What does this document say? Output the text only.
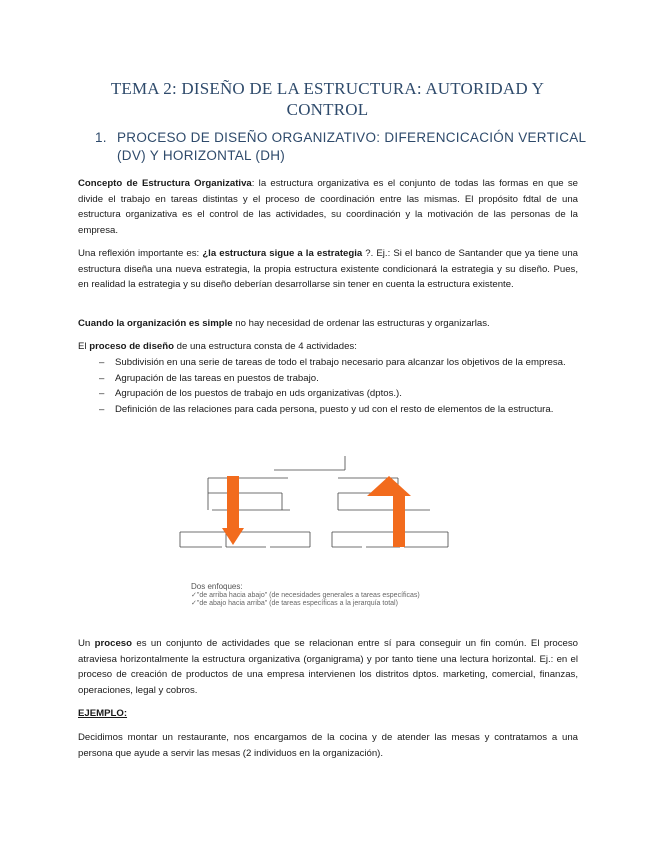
TEMA 2: DISEÑO DE LA ESTRUCTURA: AUTORIDAD Y CONTROL
1. PROCESO DE DISEÑO ORGANIZATIVO: DIFERENCICACIÓN VERTICAL (DV) Y HORIZONTAL (DH)
Concepto de Estructura Organizativa: la estructura organizativa es el conjunto de todas las formas en que se divide el trabajo en tareas distintas y el proceso de coordinación entre las mismas. El propósito fdtal de una estructura organizativa es el control de las actividades, su coordinación y la motivación de las personas de la empresa.
Una reflexión importante es: ¿la estructura sigue a la estrategia ?. Ej.: Si el banco de Santander que ya tiene una estructura diseña una nueva estrategia, la propia estructura existente condicionará la estrategia y su diseño. Pues, en realidad la estrategia y su diseño deberían desarrollarse sin tener en cuenta la estructura existente.
Cuando la organización es simple no hay necesidad de ordenar las estructuras y organizarlas.
El proceso de diseño de una estructura consta de 4 actividades:
– Subdivisión en una serie de tareas de todo el trabajo necesario para alcanzar los objetivos de la empresa.
– Agrupación de las tareas en puestos de trabajo.
– Agrupación de los puestos de trabajo en uds organizativas (dptos.).
– Definición de las relaciones para cada persona, puesto y ud con el resto de elementos de la estructura.
Dos enfoques:
✓"de arriba hacia abajo" (de necesidades generales a tareas específicas)
✓"de abajo hacia arriba" (de tareas específicas a la jerarquía total)
Un proceso es un conjunto de actividades que se relacionan entre sí para conseguir un fin común. El proceso atraviesa horizontalmente la estructura organizativa (organigrama) y por tanto tiene una lectura horizontal. Ej.: en el proceso de creación de productos de una empresa intervienen los distritos dptos. marketing, comercial, finanzas, operaciones, legal y cobros.
EJEMPLO:
Decidimos montar un restaurante, nos encargamos de la cocina y de atender las mesas y contratamos a una persona que ayude a servir las mesas (2 individuos en la organización).
